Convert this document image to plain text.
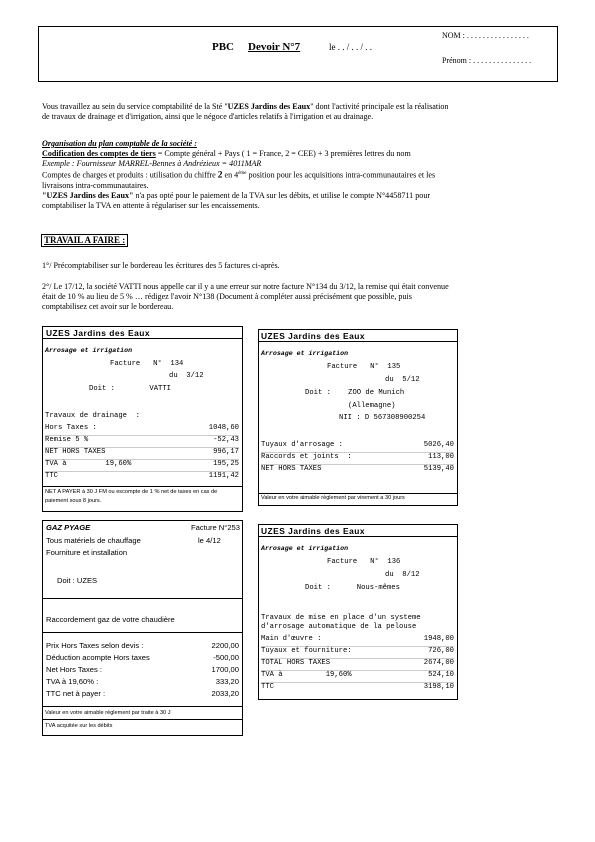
PBC Devoir N°7	le . . / . . / . .
NOM : . . . . . . . . . . . . . . . .
Prénom : . . . . . . . . . . . . . . .
Vous travaillez au sein du service comptabilité de la Sté "UZES Jardins des Eaux" dont l'activité principale est la réalisation
de travaux de drainage et d'irrigation, ainsi que le négoce d'articles relatifs à l'irrigation et au drainage.
Organisation du plan comptable de la société :
Codification des comptes de tiers = Compte général + Pays ( 1 = France, 2 = CEE) + 3 premières lettres du nom
Exemple : Fournisseur MARREL-Bennes à Andrézieux = 4011MAR
Comptes de charges et produits : utilisation du chiffre 2 en 4ème position pour les acquisitions intra-communautaires et les
livraisons intra-communautaires.
"UZES Jardins des Eaux" n'a pas opté pour le paiement de la TVA sur les débits, et utilise le compte N°4458711 pour
comptabiliser la TVA en attente à régulariser sur les encaissements.
TRAVAIL A FAIRE :
1°/ Précomptabiliser sur le bordereau les écritures des 5 factures ci-après.
2°/ Le 17/12, la société VATTI nous appelle car il y a une erreur sur notre facture N°134 du 3/12, la remise qui était convenue
était de 10 % au lieu de 5 % … rédigez l'avoir N°138 (Document à compléter aussi précisément que possible, puis
comptabilisez cet avoir sur le bordereau.
UZES Jardins des Eaux
Arrosage et irrigation
Facture   N°  134
du  3/12
Doit :        VATTI
Travaux de drainage  :
Hors Taxes :	1048,60
Remise 5 %	-52,43
NET HORS TAXES	996,17
TVA à         19,60%	195,25
TTC	1191,42
NET A PAYER à 30 J FM ou escompte de 1 % net de taxes en cas de paiement sous 8 jours.
UZES Jardins des Eaux
Arrosage et irrigation
Facture   N°  135
du  5/12
Doit :    ZOO de Munich
(Allemagne)
NII : D 567308900254
Tuyaux d'arrosage :	5026,40
Raccords et joints  :	113,00
NET HORS TAXES	5139,40
Valeur en votre aimable règlement par virement a 30 jours
GAZ PYAGE	Facture N°253
Tous matériels de chauffage	le 4/12
Fourniture et installation
Doit : UZES
Raccordement gaz de votre chaudière
Prix Hors Taxes selon devis :	2200,00
Déduction acompte Hors taxes	-500,00
Net Hors Taxes :	1700,00
TVA à 19,60% :	333,20
TTC net à payer :	2033,20
Valeur en votre aimable règlement par traite à 30 J
TVA acquitée sur les débits
UZES Jardins des Eaux
Arrosage et irrigation
Facture   N°  136
du  8/12
Doit :      Nous-mêmes
Travaux de mise en place d'un systeme
d'arrosage automatique de la pelouse
Main d'œuvre :	1948,00
Tuyaux et fourniture:	726,00
TOTAL HORS TAXES	2674,00
TVA à          19,60%	524,10
TTC	3198,10
